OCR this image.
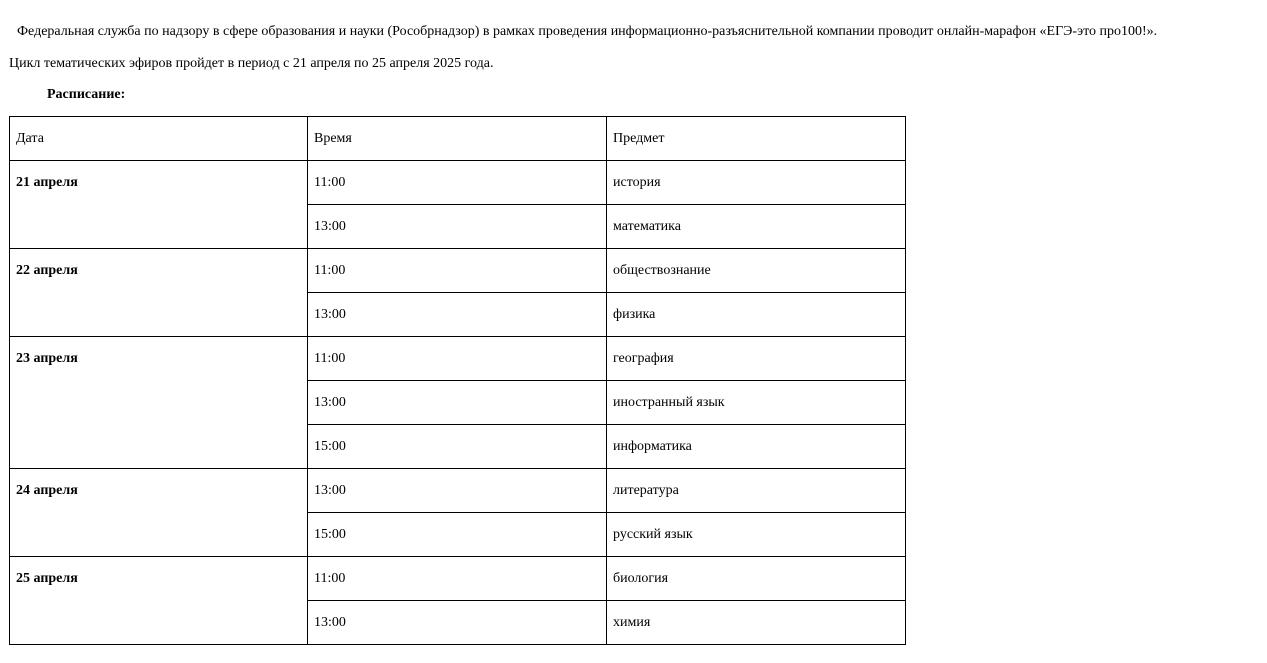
Федеральная служба по надзору в сфере образования и науки (Рособрнадзор) в рамках проведения информационно-разъяснительной компании проводит онлайн-марафон «ЕГЭ-это про100!».
Цикл тематических эфиров пройдет в период с 21 апреля по 25 апреля 2025 года.
Расписание:
Дата	Время	Предмет
21 апреля	11:00	история
	13:00	математика
22 апреля	11:00	обществознание
	13:00	физика
23 апреля	11:00	география
	13:00	иностранный язык
	15:00	информатика
24 апреля	13:00	литература
	15:00	русский язык
25 апреля	11:00	биология
	13:00	химия
